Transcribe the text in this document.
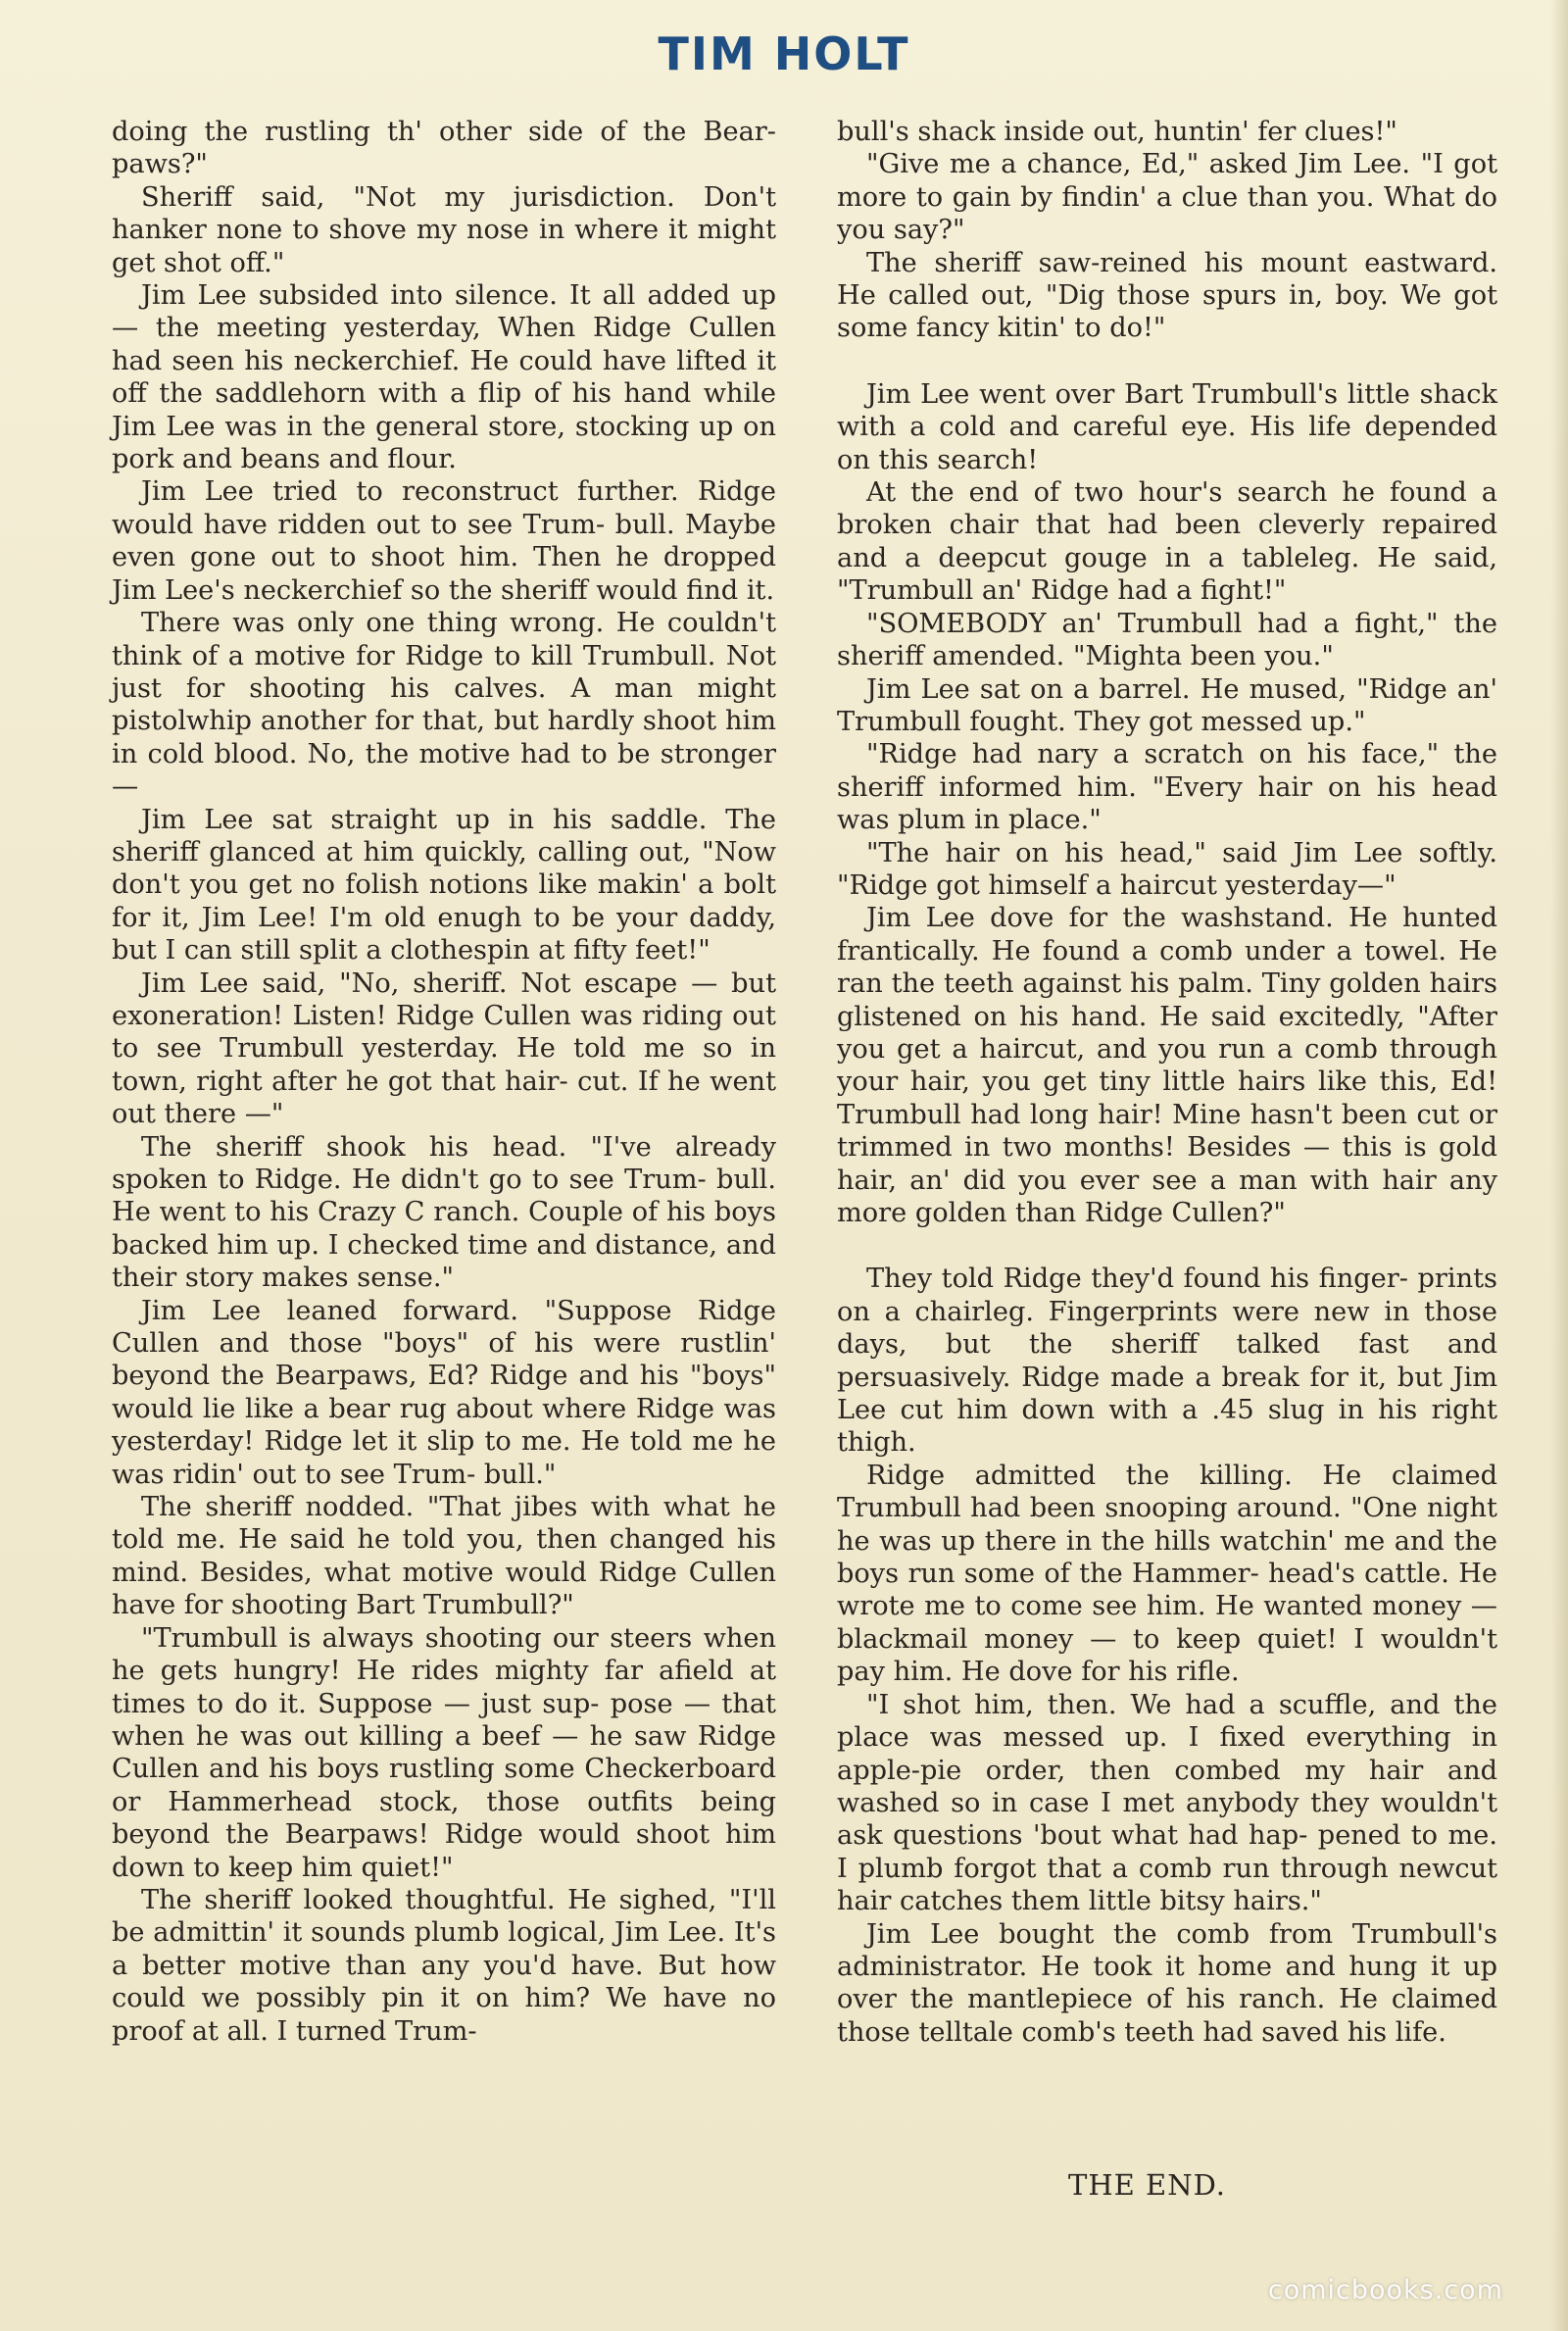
TIM HOLT

doing the rustling th' other side of the Bear- paws?"

Sheriff said, "Not my jurisdiction. Don't hanker none to shove my nose in where it might get shot off."

Jim Lee subsided into silence. It all added up — the meeting yesterday, When Ridge Cullen had seen his neckerchief. He could have lifted it off the saddlehorn with a flip of his hand while Jim Lee was in the general store, stocking up on pork and beans and flour.

Jim Lee tried to reconstruct further. Ridge would have ridden out to see Trum- bull. Maybe even gone out to shoot him. Then he dropped Jim Lee's neckerchief so the sheriff would find it.

There was only one thing wrong. He couldn't think of a motive for Ridge to kill Trumbull. Not just for shooting his calves. A man might pistolwhip another for that, but hardly shoot him in cold blood. No, the motive had to be stronger —

Jim Lee sat straight up in his saddle. The sheriff glanced at him quickly, calling out, "Now don't you get no folish notions like makin' a bolt for it, Jim Lee! I'm old enugh to be your daddy, but I can still split a clothespin at fifty feet!"

Jim Lee said, "No, sheriff. Not escape — but exoneration! Listen! Ridge Cullen was riding out to see Trumbull yesterday. He told me so in town, right after he got that hair- cut. If he went out there —"

The sheriff shook his head. "I've already spoken to Ridge. He didn't go to see Trum- bull. He went to his Crazy C ranch. Couple of his boys backed him up. I checked time and distance, and their story makes sense."

Jim Lee leaned forward. "Suppose Ridge Cullen and those "boys" of his were rustlin' beyond the Bearpaws, Ed? Ridge and his "boys" would lie like a bear rug about where Ridge was yesterday! Ridge let it slip to me. He told me he was ridin' out to see Trum- bull."

The sheriff nodded. "That jibes with what he told me. He said he told you, then changed his mind. Besides, what motive would Ridge Cullen have for shooting Bart Trumbull?"

"Trumbull is always shooting our steers when he gets hungry! He rides mighty far afield at times to do it. Suppose — just sup- pose — that when he was out killing a beef — he saw Ridge Cullen and his boys rustling some Checkerboard or Hammerhead stock, those outfits being beyond the Bearpaws! Ridge would shoot him down to keep him quiet!"

The sheriff looked thoughtful. He sighed, "I'll be admittin' it sounds plumb logical, Jim Lee. It's a better motive than any you'd have. But how could we possibly pin it on him? We have no proof at all. I turned Trum-

bull's shack inside out, huntin' fer clues!"

"Give me a chance, Ed," asked Jim Lee. "I got more to gain by findin' a clue than you. What do you say?"

The sheriff saw-reined his mount eastward. He called out, "Dig those spurs in, boy. We got some fancy kitin' to do!"

Jim Lee went over Bart Trumbull's little shack with a cold and careful eye. His life depended on this search!

At the end of two hour's search he found a broken chair that had been cleverly repaired and a deepcut gouge in a tableleg. He said, "Trumbull an' Ridge had a fight!"

"SOMEBODY an' Trumbull had a fight," the sheriff amended. "Mighta been you."

Jim Lee sat on a barrel. He mused, "Ridge an' Trumbull fought. They got messed up."

"Ridge had nary a scratch on his face," the sheriff informed him. "Every hair on his head was plum in place."

"The hair on his head," said Jim Lee softly. "Ridge got himself a haircut yesterday—"

Jim Lee dove for the washstand. He hunted frantically. He found a comb under a towel. He ran the teeth against his palm. Tiny golden hairs glistened on his hand. He said excitedly, "After you get a haircut, and you run a comb through your hair, you get tiny little hairs like this, Ed! Trumbull had long hair! Mine hasn't been cut or trimmed in two months! Besides — this is gold hair, an' did you ever see a man with hair any more golden than Ridge Cullen?"

They told Ridge they'd found his finger- prints on a chairleg. Fingerprints were new in those days, but the sheriff talked fast and persuasively. Ridge made a break for it, but Jim Lee cut him down with a .45 slug in his right thigh.

Ridge admitted the killing. He claimed Trumbull had been snooping around. "One night he was up there in the hills watchin' me and the boys run some of the Hammer- head's cattle. He wrote me to come see him. He wanted money — blackmail money — to keep quiet! I wouldn't pay him. He dove for his rifle.

"I shot him, then. We had a scuffle, and the place was messed up. I fixed everything in apple-pie order, then combed my hair and washed so in case I met anybody they wouldn't ask questions 'bout what had hap- pened to me. I plumb forgot that a comb run through newcut hair catches them little bitsy hairs."

Jim Lee bought the comb from Trumbull's administrator. He took it home and hung it up over the mantlepiece of his ranch. He claimed those telltale comb's teeth had saved his life.

THE END.
comicbooks.com
